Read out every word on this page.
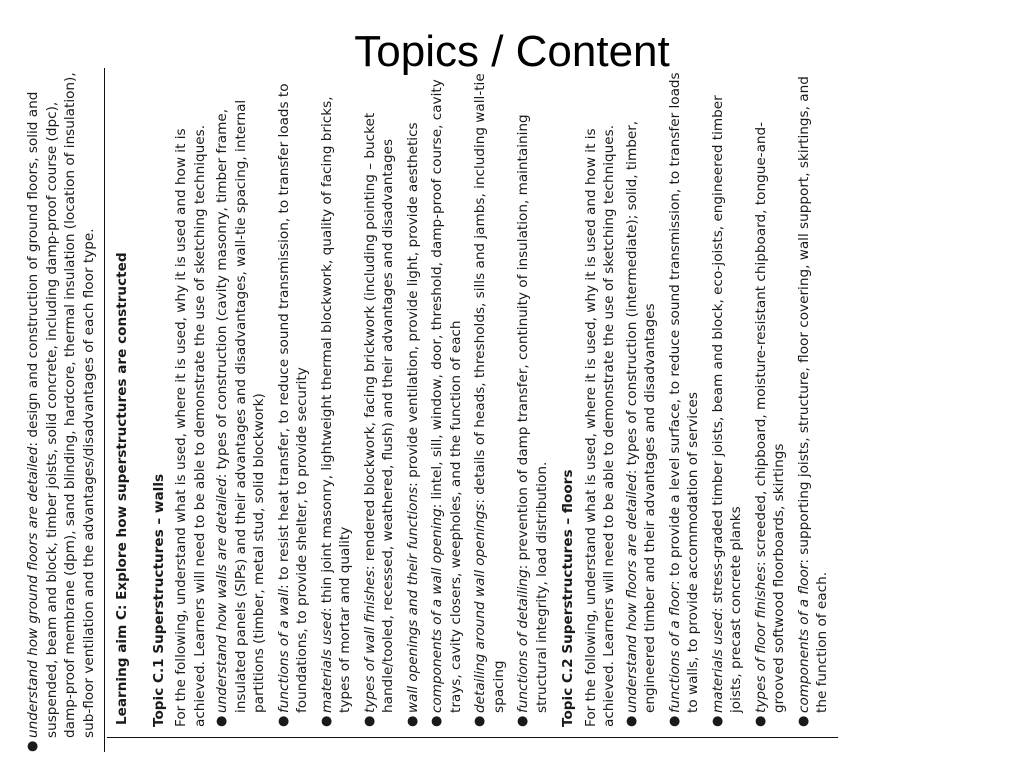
Topics / Content
●
understand how ground floors are detailed: design and construction of ground floors, solid and suspended, beam and block, timber joists, solid concrete, including damp-proof course (dpc), damp-proof membrane (dpm), sand blinding, hardcore, thermal insulation (location of insulation), sub-floor ventilation and the advantages/disadvantages of each floor type.	Learning aim C: Explore how superstructures are constructed	Topic C.1 Superstructures – walls For the following, understand what is used, where it is used, why it is used and how it is achieved. Learners will need to be able to demonstrate the use of sketching techniques. ●
understand how walls are detailed: types of construction (cavity masonry, timber frame, insulated panels (SIPs) and their advantages and disadvantages, wall-tie spacing, internal partitions (timber, metal stud, solid blockwork)
●
functions of a wall: to resist heat transfer, to reduce sound transmission, to transfer loads to foundations, to provide shelter, to provide security
●
materials used: thin joint masonry, lightweight thermal blockwork, quality of facing bricks, types of mortar and quality
●
types of wall finishes: rendered blockwork, facing brickwork (including pointing – bucket handle/tooled, recessed, weathered, flush) and their advantages and disadvantages
●
wall openings and their functions: provide ventilation, provide light, provide aesthetics
●
components of a wall opening: lintel, sill, window, door, threshold, damp-proof course, cavity trays, cavity closers, weepholes, and the function of each
●
detailing around wall openings: details of heads, thresholds, sills and jambs, including wall-tie spacing
●
functions of detailing: prevention of damp transfer, continuity of insulation, maintaining structural integrity, load distribution. Topic C.2 Superstructures – floors For the following, understand what is used, where it is used, why it is used and how it is achieved. Learners will need to be able to demonstrate the use of sketching techniques. ●
understand how floors are detailed: types of construction (intermediate); solid, timber, engineered timber and their advantages and disadvantages
●
functions of a floor: to provide a level surface, to reduce sound transmission, to transfer loads to walls, to provide accommodation of services
●
materials used: stress-graded timber joists, beam and block, eco-joists, engineered timber joists, precast concrete planks
●
types of floor finishes: screeded, chipboard, moisture-resistant chipboard, tongue-and-grooved softwood floorboards, skirtings
●
components of a floor: supporting joists, structure, floor covering, wall support, skirtings, and the function of each.
